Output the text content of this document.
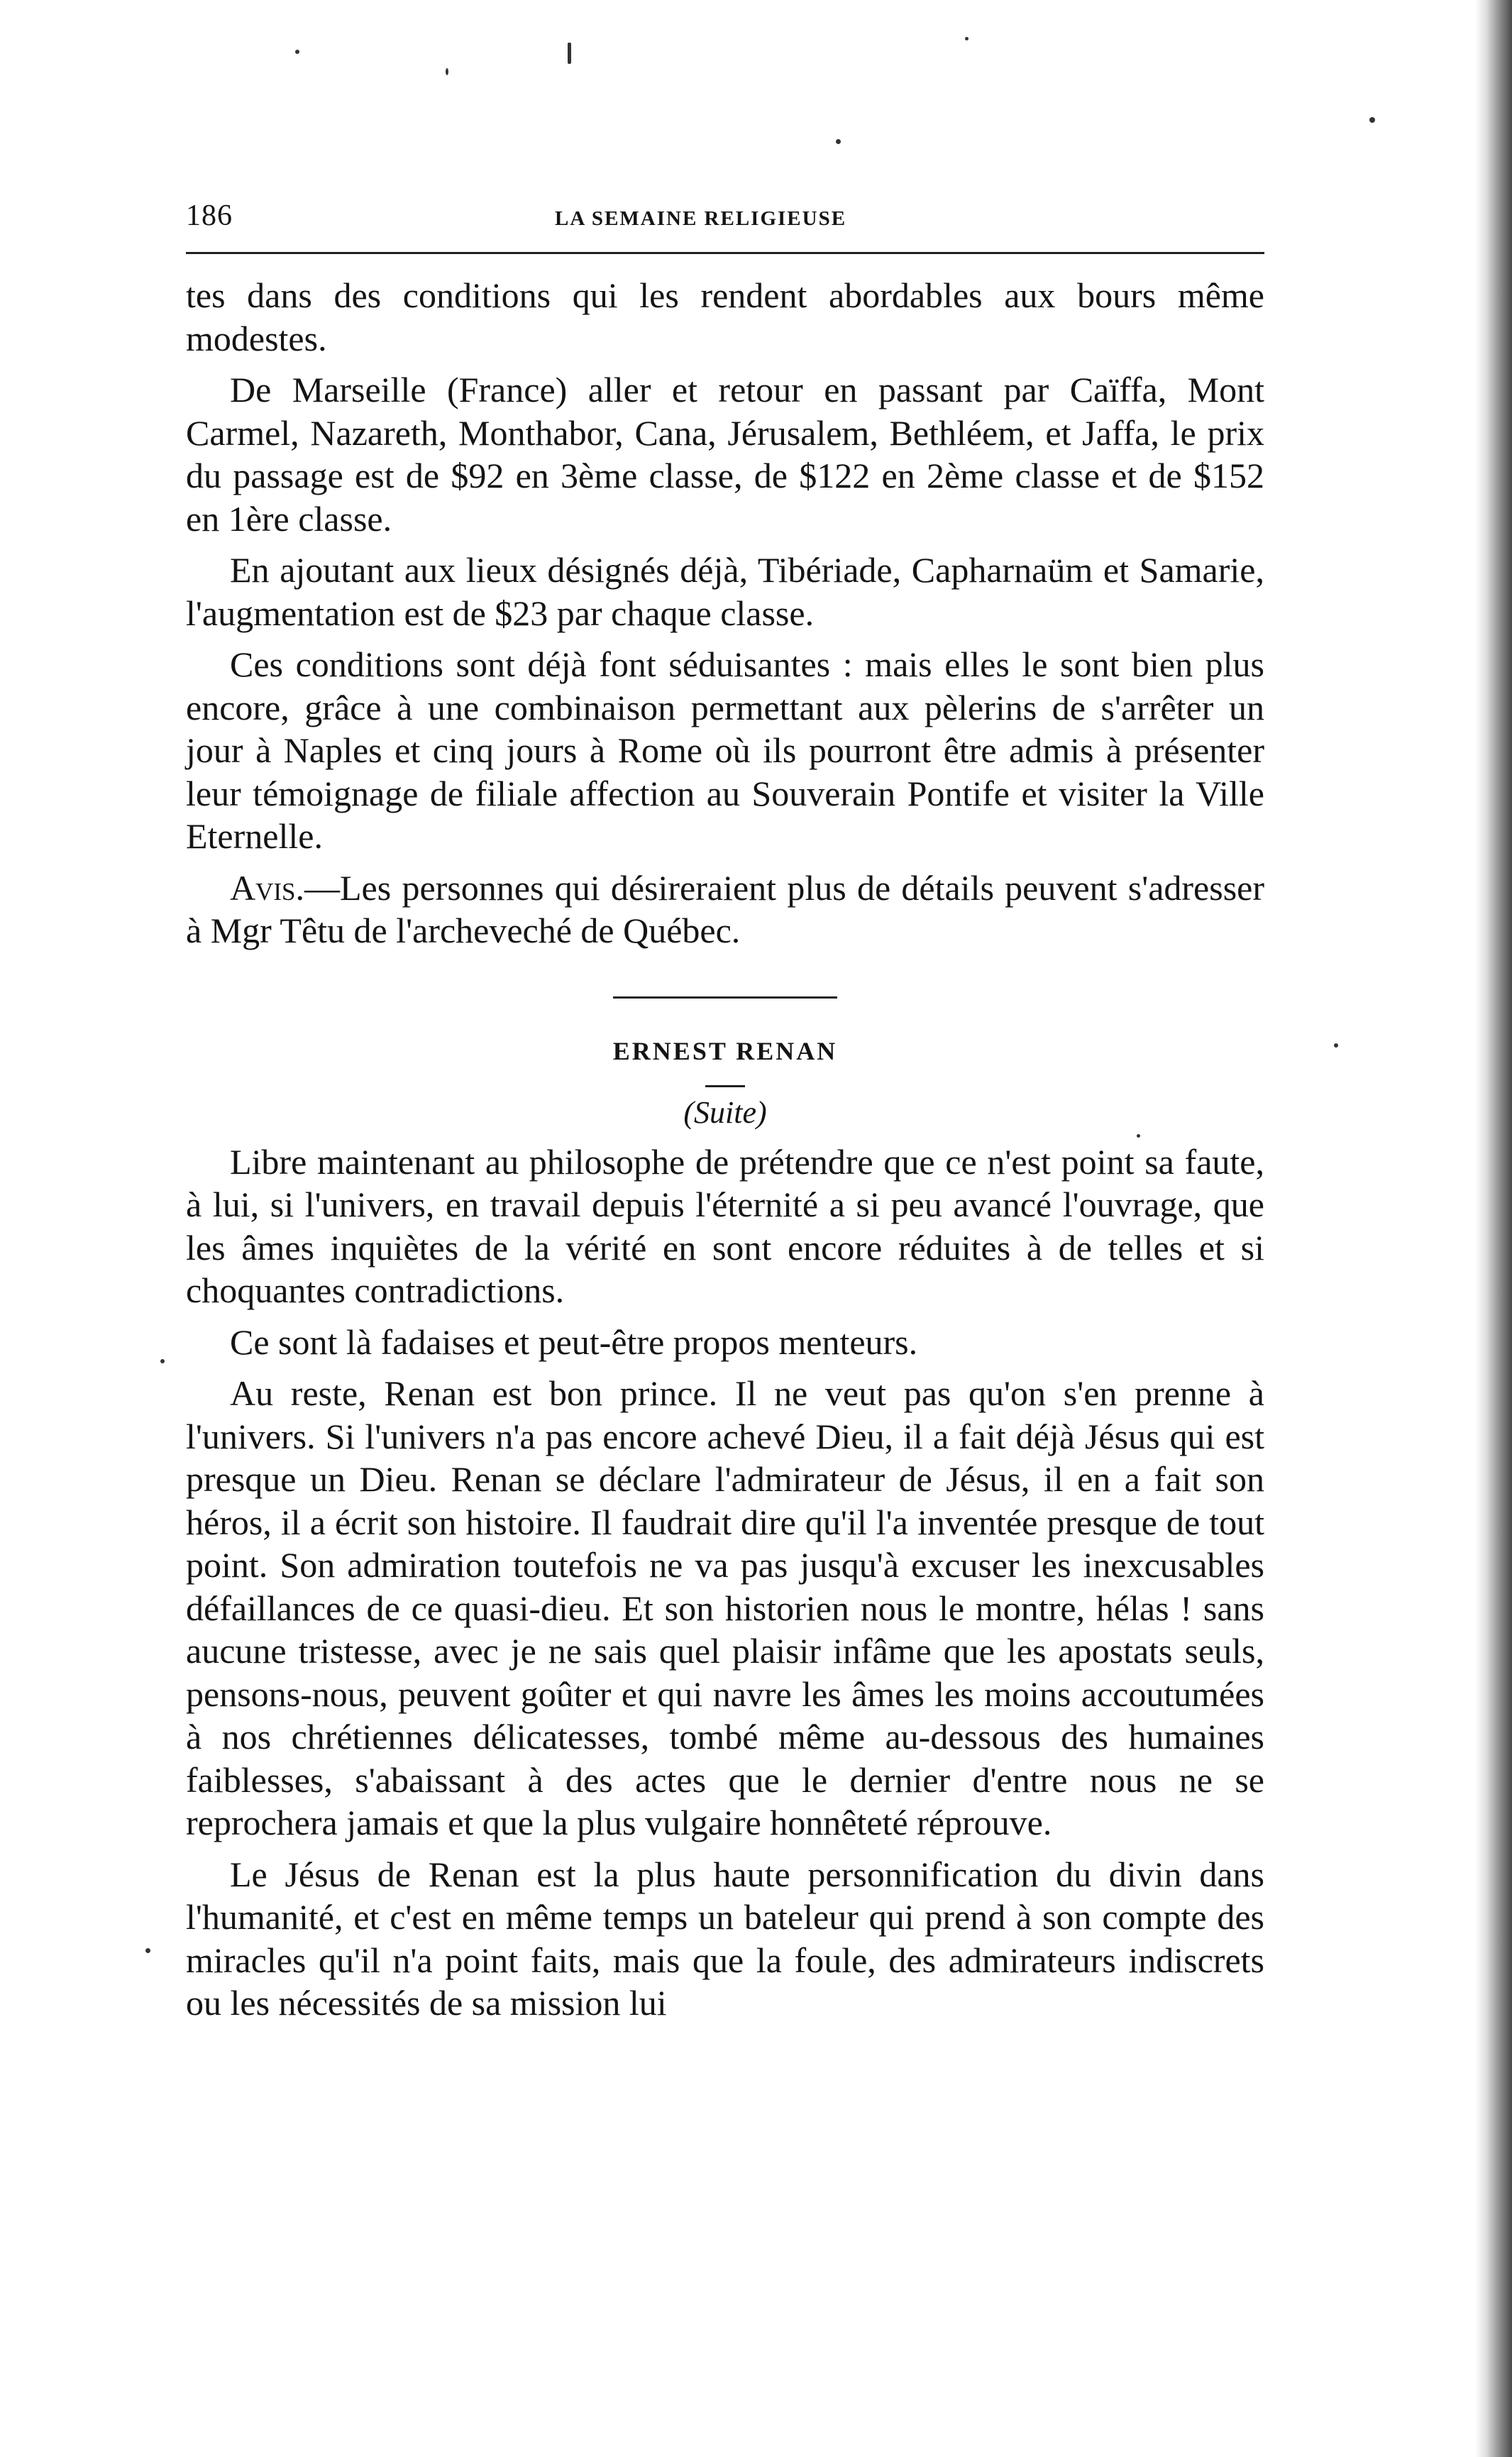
186	LA SEMAINE RELIGIEUSE

tes dans des conditions qui les rendent abordables aux bours même modestes.

De Marseille (France) aller et retour en passant par Caïffa, Mont Carmel, Nazareth, Monthabor, Cana, Jérusalem, Bethléem, et Jaffa, le prix du passage est de $92 en 3ème classe, de $122 en 2ème classe et de $152 en 1ère classe.

En ajoutant aux lieux désignés déjà, Tibériade, Capharnaüm et Samarie, l'augmentation est de $23 par chaque classe.

Ces conditions sont déjà font séduisantes : mais elles le sont bien plus encore, grâce à une combinaison permettant aux pèlerins de s'arrêter un jour à Naples et cinq jours à Rome où ils pourront être admis à présenter leur témoignage de filiale affection au Souverain Pontife et visiter la Ville Eternelle.

Avis.—Les personnes qui désireraient plus de détails peuvent s'adresser à Mgr Têtu de l'archeveché de Québec.

ERNEST RENAN
(Suite)

Libre maintenant au philosophe de prétendre que ce n'est point sa faute, à lui, si l'univers, en travail depuis l'éternité a si peu avancé l'ouvrage, que les âmes inquiètes de la vérité en sont encore réduites à de telles et si choquantes contradictions.

Ce sont là fadaises et peut-être propos menteurs.

Au reste, Renan est bon prince. Il ne veut pas qu'on s'en prenne à l'univers. Si l'univers n'a pas encore achevé Dieu, il a fait déjà Jésus qui est presque un Dieu. Renan se déclare l'admirateur de Jésus, il en a fait son héros, il a écrit son histoire. Il faudrait dire qu'il l'a inventée presque de tout point. Son admiration toutefois ne va pas jusqu'à excuser les inexcusables défaillances de ce quasi-dieu. Et son historien nous le montre, hélas ! sans aucune tristesse, avec je ne sais quel plaisir infâme que les apostats seuls, pensons-nous, peuvent goûter et qui navre les âmes les moins accoutumées à nos chrétiennes délicatesses, tombé même au-dessous des humaines faiblesses, s'abaissant à des actes que le dernier d'entre nous ne se reprochera jamais et que la plus vulgaire honnêteté réprouve.

Le Jésus de Renan est la plus haute personnification du divin dans l'humanité, et c'est en même temps un bateleur qui prend à son compte des miracles qu'il n'a point faits, mais que la foule, des admirateurs indiscrets ou les nécessités de sa mission lui
